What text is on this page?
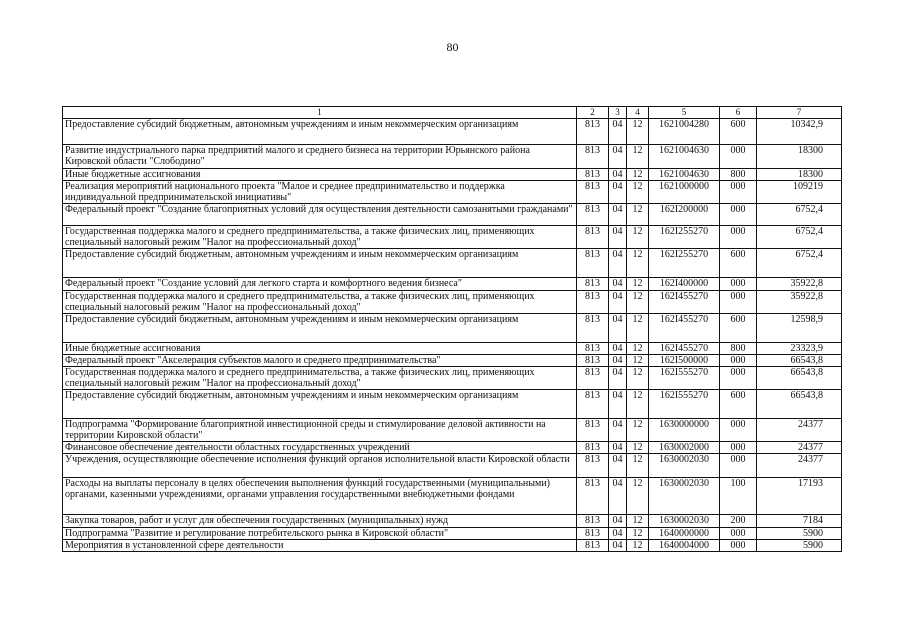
80
1	2	3	4	5	6	7
Предоставление субсидий бюджетным, автономным учреждениям и иным некоммерческим организациям	813	04	12	1621004280	600	10342,9
Развитие индустриального парка предприятий малого и среднего бизнеса на территории Юрьянского района Кировской области "Слободино"	813	04	12	1621004630	000	18300
Иные бюджетные ассигнования	813	04	12	1621004630	800	18300
Реализация мероприятий национального проекта "Малое и среднее предпринимательство и поддержка индивидуальной предпринимательской инициативы"	813	04	12	1621000000	000	109219
Федеральный проект "Создание благоприятных условий для осуществления деятельности самозанятыми гражданами"	813	04	12	162I200000	000	6752,4
Государственная поддержка малого и среднего предпринимательства, а также физических лиц, применяющих специальный налоговый режим "Налог на профессиональный доход"	813	04	12	162I255270	000	6752,4
Предоставление субсидий бюджетным, автономным учреждениям и иным некоммерческим организациям	813	04	12	162I255270	600	6752,4
Федеральный проект "Создание условий для легкого старта и комфортного ведения бизнеса"	813	04	12	162I400000	000	35922,8
Государственная поддержка малого и среднего предпринимательства, а также физических лиц, применяющих специальный налоговый режим "Налог на профессиональный доход"	813	04	12	162I455270	000	35922,8
Предоставление субсидий бюджетным, автономным учреждениям и иным некоммерческим организациям	813	04	12	162I455270	600	12598,9
Иные бюджетные ассигнования	813	04	12	162I455270	800	23323,9
Федеральный проект "Акселерация субъектов малого и среднего предпринимательства"	813	04	12	162I500000	000	66543,8
Государственная поддержка малого и среднего предпринимательства, а также физических лиц, применяющих специальный налоговый режим "Налог на профессиональный доход"	813	04	12	162I555270	000	66543,8
Предоставление субсидий бюджетным, автономным учреждениям и иным некоммерческим организациям	813	04	12	162I555270	600	66543,8
Подпрограмма "Формирование благоприятной инвестиционной среды и стимулирование деловой активности на территории Кировской области"	813	04	12	1630000000	000	24377
Финансовое обеспечение деятельности областных государственных учреждений	813	04	12	1630002000	000	24377
Учреждения, осуществляющие обеспечение исполнения функций органов исполнительной власти Кировской области	813	04	12	1630002030	000	24377
Расходы на выплаты персоналу в целях обеспечения выполнения функций государственными (муниципальными) органами, казенными учреждениями, органами управления государственными внебюджетными фондами	813	04	12	1630002030	100	17193
Закупка товаров, работ и услуг для обеспечения государственных (муниципальных) нужд	813	04	12	1630002030	200	7184
Подпрограмма "Развитие и регулирование потребительского рынка в Кировской области"	813	04	12	1640000000	000	5900
Мероприятия в установленной сфере деятельности	813	04	12	1640004000	000	5900
